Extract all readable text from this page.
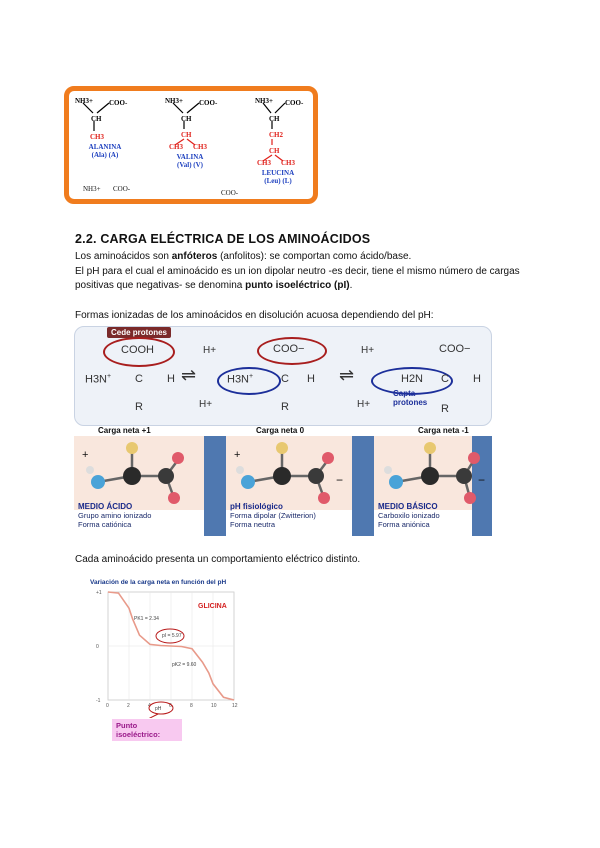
NH3+ COO-
CH
CH3
ALANINA
(Ala) (A)
NH3+ COO-
CH
CH
CH3 CH3
VALINA
(Val) (V)
NH3+ COO-
CH
CH2
CH
CH3 CH3
LEUCINA
(Leu) (L)
NH3+ COO-	COO-
2.2. CARGA ELÉCTRICA DE LOS AMINOÁCIDOS
Los aminoácidos son anfóteros (anfolitos): se comportan como ácido/base.
El pH para el cual el aminoácido es un ion dipolar neutro -es decir, tiene el mismo número de cargas positivas que negativas- se denomina punto isoeléctrico (pI).
Formas ionizadas de los aminoácidos en disolución acuosa dependiendo del pH:
Cede protones
COOH
H3N+ C H
R
H+
H+
⇌
COO−
H3N+	C H
R
H+
H+
⇌
COO−
H2N C H
R
Capta protones
Carga neta +1	Carga neta 0	Carga neta -1
+	+
−	−
MEDIO ÁCIDO
Grupo amino ionizado
Forma catiónica
pH fisiológico
Forma dipolar (Zwitterion)
Forma neutra
MEDIO BÁSICO
Carboxilo ionizado
Forma aniónica
Cada aminoácido presenta un comportamiento eléctrico distinto.
Variación de la carga neta en función del pH
0	2	4	6	8	10	12
+1
0
-1
GLICINA
PK1 = 2.34
pI = 5.97
pK2 = 9.60
pH
Punto isoeléctrico:
